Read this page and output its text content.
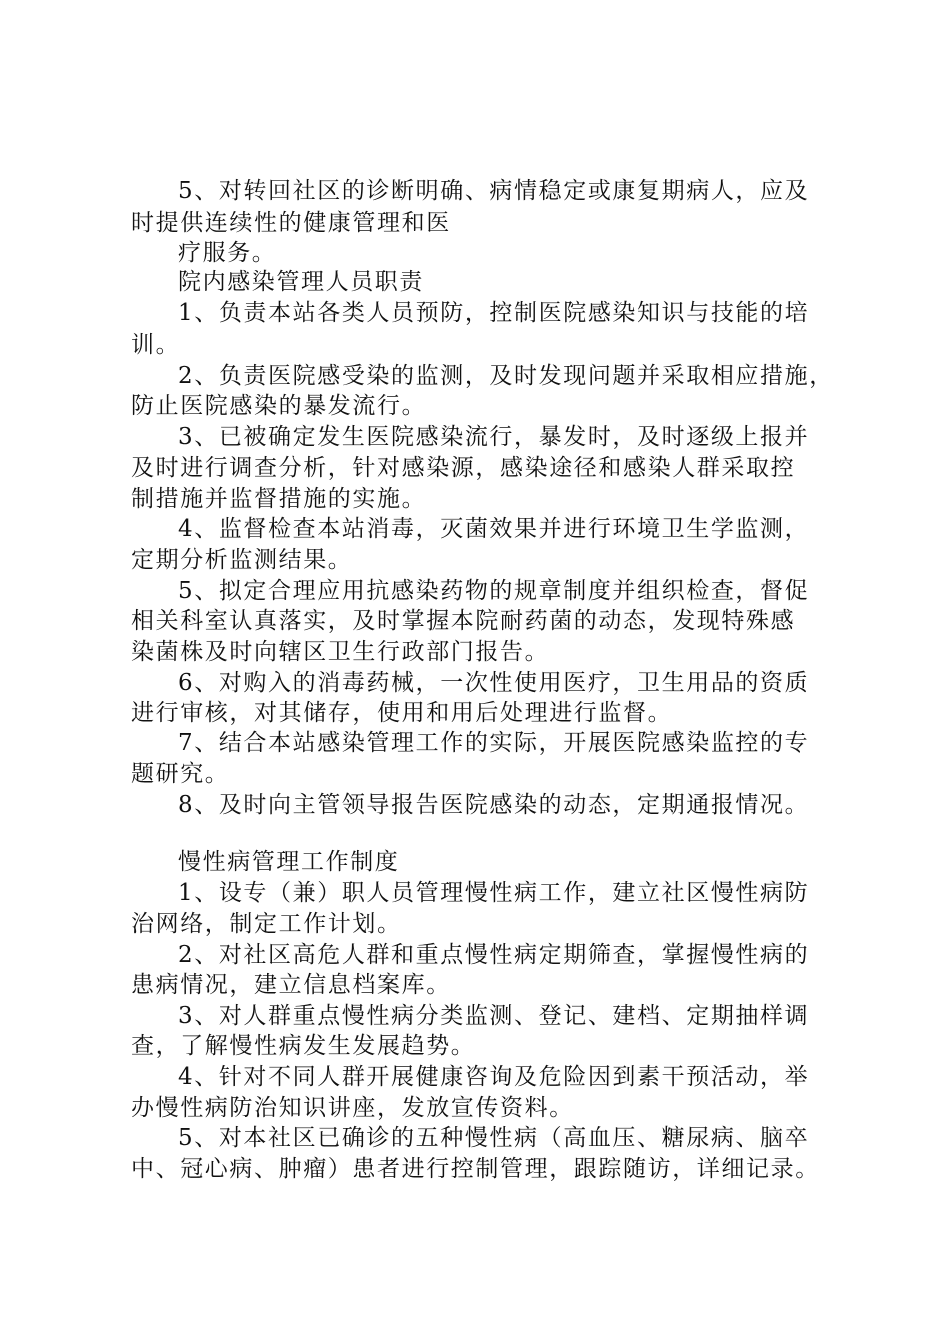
5、对转回社区的诊断明确、病情稳定或康复期病人，应及
时提供连续性的健康管理和医
疗服务。
院内感染管理人员职责
1、负责本站各类人员预防，控制医院感染知识与技能的培
训。
2、负责医院感受染的监测，及时发现问题并采取相应措施，
防止医院感染的暴发流行。
3、已被确定发生医院感染流行，暴发时，及时逐级上报并
及时进行调查分析，针对感染源，感染途径和感染人群采取控
制措施并监督措施的实施。
4、监督检查本站消毒，灭菌效果并进行环境卫生学监测，
定期分析监测结果。
5、拟定合理应用抗感染药物的规章制度并组织检查，督促
相关科室认真落实，及时掌握本院耐药菌的动态，发现特殊感
染菌株及时向辖区卫生行政部门报告。
6、对购入的消毒药械，一次性使用医疗，卫生用品的资质
进行审核，对其储存，使用和用后处理进行监督。
7、结合本站感染管理工作的实际，开展医院感染监控的专
题研究。
8、及时向主管领导报告医院感染的动态，定期通报情况。
慢性病管理工作制度
1、设专（兼）职人员管理慢性病工作，建立社区慢性病防
治网络，制定工作计划。
2、对社区高危人群和重点慢性病定期筛查，掌握慢性病的
患病情况，建立信息档案库。
3、对人群重点慢性病分类监测、登记、建档、定期抽样调
查，了解慢性病发生发展趋势。
4、针对不同人群开展健康咨询及危险因到素干预活动，举
办慢性病防治知识讲座，发放宣传资料。
5、对本社区已确诊的五种慢性病（高血压、糖尿病、脑卒
中、冠心病、肿瘤）患者进行控制管理，跟踪随访，详细记录。
